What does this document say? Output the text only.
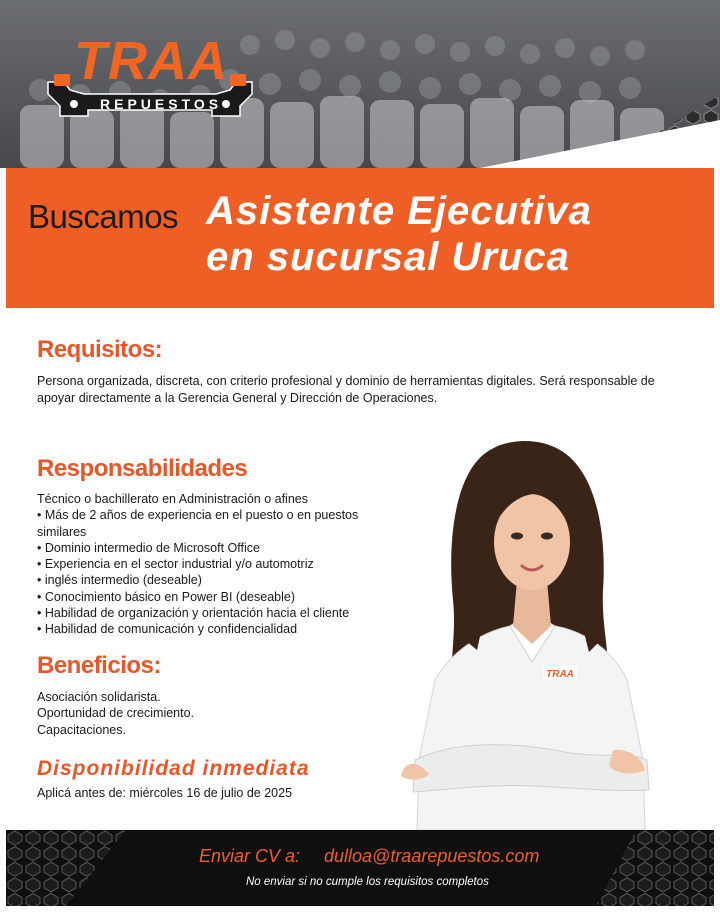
TRAA
REPUESTOS
Buscamos Asistente Ejecutiva
en sucursal Uruca
Requisitos:
Persona organizada, discreta, con criterio profesional y dominio de herramientas digitales. Será responsable de apoyar directamente a la Gerencia General y Dirección de Operaciones.
Responsabilidades
Técnico o bachillerato en Administración o afines
• Más de 2 años de experiencia en el puesto o en puestos similares
• Dominio intermedio de Microsoft Office
• Experiencia en el sector industrial y/o automotriz
• inglés intermedio (deseable)
• Conocimiento básico en Power BI (deseable)
• Habilidad de organización y orientación hacia el cliente
• Habilidad de comunicación y confidencialidad
Beneficios:
Asociación solidarista.
Oportunidad de crecimiento.
Capacitaciones.
Disponibilidad inmediata
Aplicá antes de: miércoles 16 de julio de 2025
TRAA
Enviar CV a: dulloa@traarepuestos.com
No enviar si no cumple los requisitos completos
